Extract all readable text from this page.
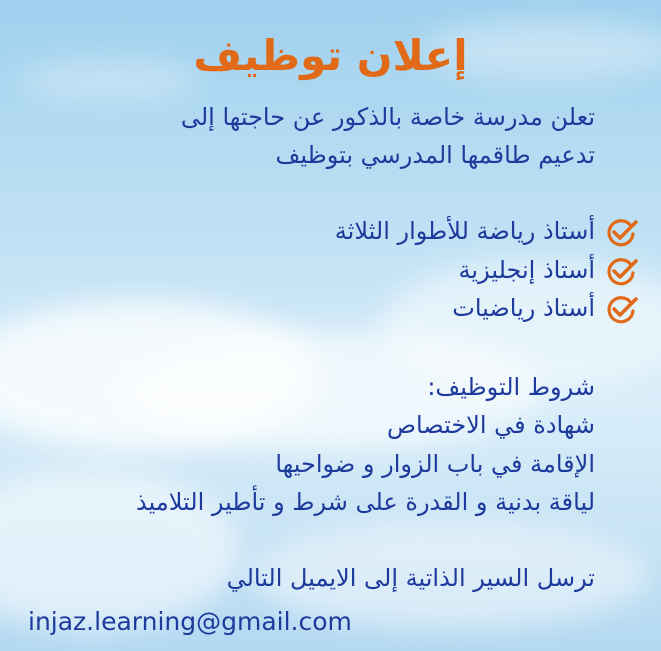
إعلان توظيف
تعلن مدرسة خاصة بالذكور عن حاجتها إلى
تدعيم طاقمها المدرسي بتوظيف
أستاذ رياضة للأطوار الثلاثة
أستاذ إنجليزية
أستاذ رياضيات
شروط التوظيف:
شهادة في الاختصاص
الإقامة في باب الزوار و ضواحيها
لياقة بدنية و القدرة على شرط و تأطير التلاميذ
ترسل السير الذاتية إلى الايميل التالي
injaz.learning@gmail.com
